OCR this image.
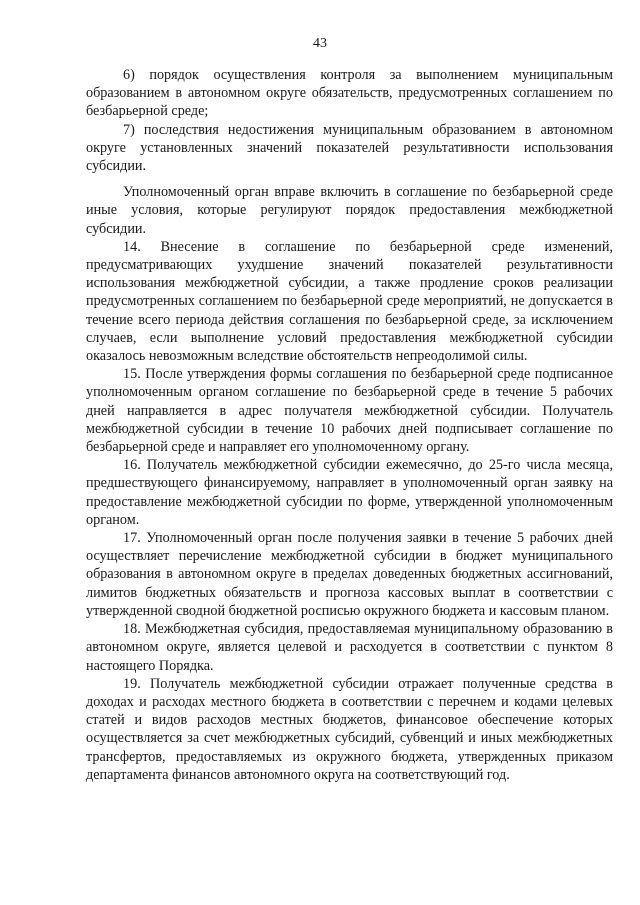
43

6) порядок осуществления контроля за выполнением муниципальным образованием в автономном округе обязательств, предусмотренных соглашением по безбарьерной среде;

7) последствия недостижения муниципальным образованием в автономном округе установленных значений показателей результативности использования субсидии.

Уполномоченный орган вправе включить в соглашение по безбарьерной среде иные условия, которые регулируют порядок предоставления межбюджетной субсидии.

14. Внесение в соглашение по безбарьерной среде изменений, предусматривающих ухудшение значений показателей результативности использования межбюджетной субсидии, а также продление сроков реализации предусмотренных соглашением по безбарьерной среде мероприятий, не допускается в течение всего периода действия соглашения по безбарьерной среде, за исключением случаев, если выполнение условий предоставления межбюджетной субсидии оказалось невозможным вследствие обстоятельств непреодолимой силы.

15. После утверждения формы соглашения по безбарьерной среде подписанное уполномоченным органом соглашение по безбарьерной среде в течение 5 рабочих дней направляется в адрес получателя межбюджетной субсидии. Получатель межбюджетной субсидии в течение 10 рабочих дней подписывает соглашение по безбарьерной среде и направляет его уполномоченному органу.

16. Получатель межбюджетной субсидии ежемесячно, до 25-го числа месяца, предшествующего финансируемому, направляет в уполномоченный орган заявку на предоставление межбюджетной субсидии по форме, утвержденной уполномоченным органом.

17. Уполномоченный орган после получения заявки в течение 5 рабочих дней осуществляет перечисление межбюджетной субсидии в бюджет муниципального образования в автономном округе в пределах доведенных бюджетных ассигнований, лимитов бюджетных обязательств и прогноза кассовых выплат в соответствии с утвержденной сводной бюджетной росписью окружного бюджета и кассовым планом.

18. Межбюджетная субсидия, предоставляемая муниципальному образованию в автономном округе, является целевой и расходуется в соответствии с пунктом 8 настоящего Порядка.

19. Получатель межбюджетной субсидии отражает полученные средства в доходах и расходах местного бюджета в соответствии с перечнем и кодами целевых статей и видов расходов местных бюджетов, финансовое обеспечение которых осуществляется за счет межбюджетных субсидий, субвенций и иных межбюджетных трансфертов, предоставляемых из окружного бюджета, утвержденных приказом департамента финансов автономного округа на соответствующий год.
